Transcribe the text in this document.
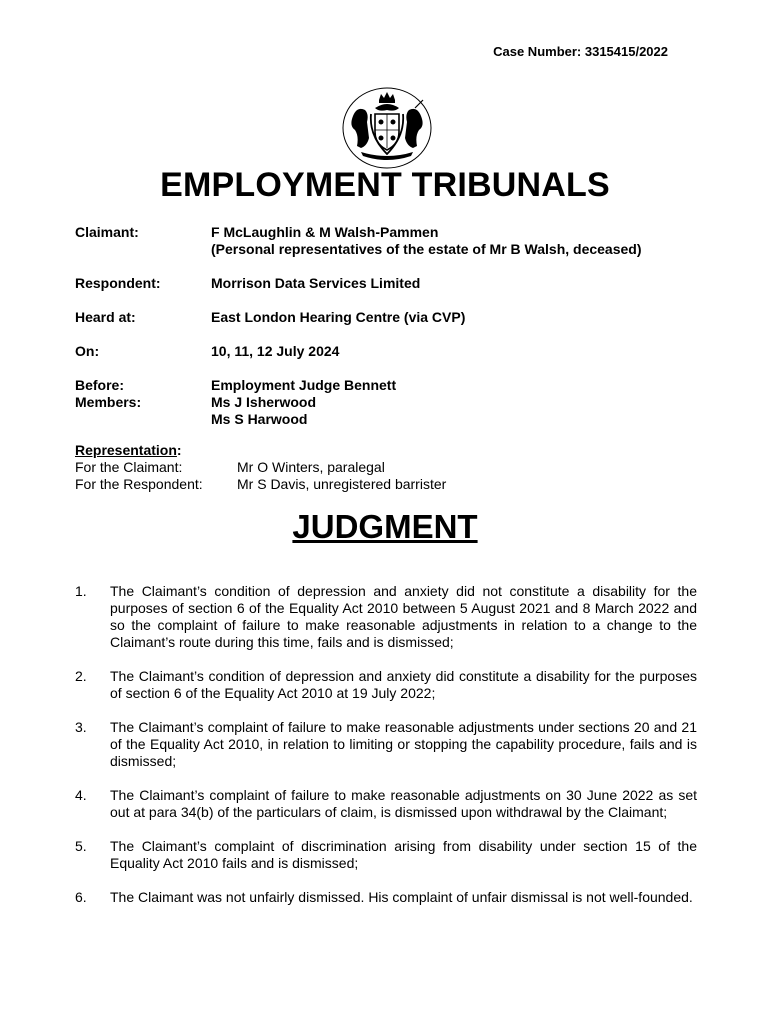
Case Number: 3315415/2022
EMPLOYMENT TRIBUNALS
Claimant:	F McLaughlin & M Walsh-Pammen
(Personal representatives of the estate of Mr B Walsh, deceased)
Respondent:	Morrison Data Services Limited
Heard at:	East London Hearing Centre (via CVP)
On:	10, 11, 12 July 2024
Before:	Employment Judge Bennett
Members:	Ms J Isherwood
Ms S Harwood
Representation:
For the Claimant:	Mr O Winters, paralegal
For the Respondent:	Mr S Davis, unregistered barrister
JUDGMENT
1.	The Claimant’s condition of depression and anxiety did not constitute a disability for the purposes of section 6 of the Equality Act 2010 between 5 August 2021 and 8 March 2022 and so the complaint of failure to make reasonable adjustments in relation to a change to the Claimant’s route during this time, fails and is dismissed;
2.	The Claimant’s condition of depression and anxiety did constitute a disability for the purposes of section 6 of the Equality Act 2010 at 19 July 2022;
3.	The Claimant’s complaint of failure to make reasonable adjustments under sections 20 and 21 of the Equality Act 2010, in relation to limiting or stopping the capability procedure, fails and is dismissed;
4.	The Claimant’s complaint of failure to make reasonable adjustments on 30 June 2022 as set out at para 34(b) of the particulars of claim, is dismissed upon withdrawal by the Claimant;
5.	The Claimant’s complaint of discrimination arising from disability under section 15 of the Equality Act 2010 fails and is dismissed;
6.	The Claimant was not unfairly dismissed. His complaint of unfair dismissal is not well-founded.
